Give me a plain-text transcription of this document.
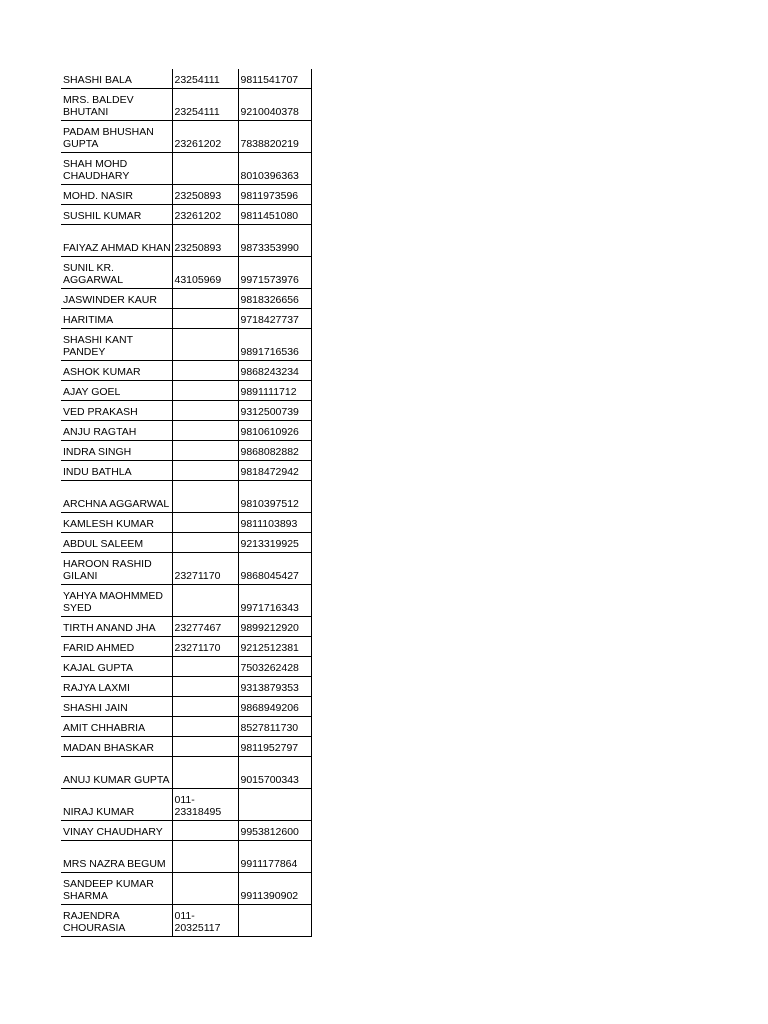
SHASHI BALA	23254111	9811541707
MRS. BALDEV BHUTANI	23254111	9210040378
PADAM BHUSHAN GUPTA	23261202	7838820219
SHAH MOHD CHAUDHARY		8010396363
MOHD. NASIR	23250893	9811973596
SUSHIL KUMAR	23261202	9811451080
FAIYAZ AHMAD KHAN	23250893	9873353990
SUNIL KR. AGGARWAL	43105969	9971573976
JASWINDER KAUR		9818326656
HARITIMA		9718427737
SHASHI KANT PANDEY		9891716536
ASHOK KUMAR		9868243234
AJAY GOEL		9891111712
VED PRAKASH		9312500739
ANJU RAGTAH		9810610926
INDRA SINGH		9868082882
INDU BATHLA		9818472942
ARCHNA AGGARWAL		9810397512
KAMLESH KUMAR		9811103893
ABDUL SALEEM		9213319925
HAROON RASHID GILANI	23271170	9868045427
YAHYA MAOHMMED SYED		9971716343
TIRTH ANAND JHA	23277467	9899212920
FARID AHMED	23271170	9212512381
KAJAL GUPTA		7503262428
RAJYA LAXMI		9313879353
SHASHI JAIN		9868949206
AMIT CHHABRIA		8527811730
MADAN BHASKAR		9811952797
ANUJ KUMAR GUPTA		9015700343
NIRAJ KUMAR	011-23318495	
VINAY CHAUDHARY		9953812600
MRS NAZRA BEGUM		9911177864
SANDEEP KUMAR SHARMA		9911390902
RAJENDRA CHOURASIA	011-20325117	
